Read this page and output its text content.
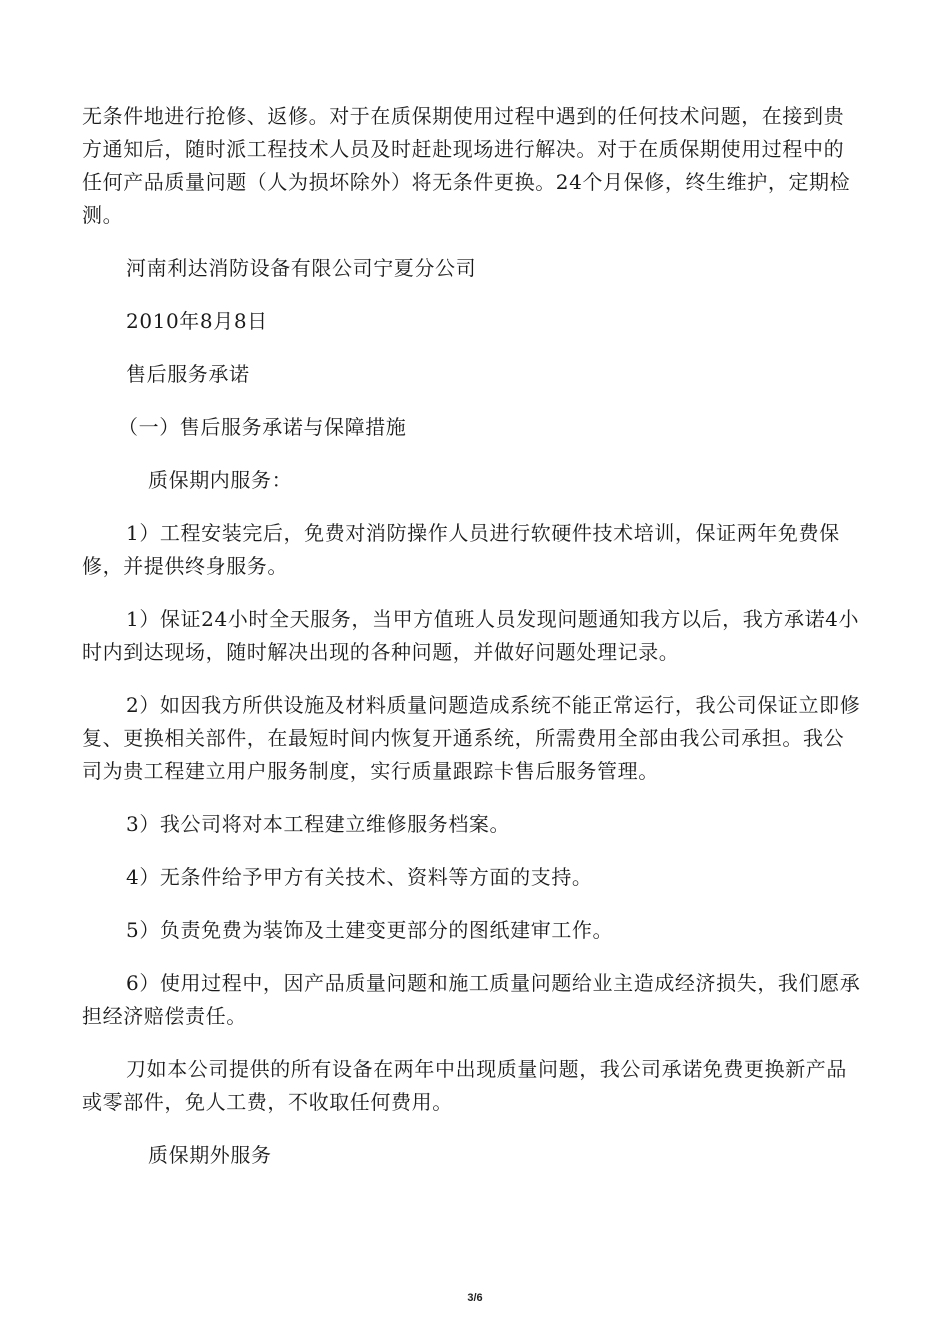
无条件地进行抢修、返修。对于在质保期使用过程中遇到的任何技术问题，在接到贵方通知后，随时派工程技术人员及时赶赴现场进行解决。对于在质保期使用过程中的任何产品质量问题（人为损坏除外）将无条件更换。24个月保修，终生维护，定期检测。

河南利达消防设备有限公司宁夏分公司

2010年8月8日

售后服务承诺

（一）售后服务承诺与保障措施

质保期内服务：

1）工程安装完后，免费对消防操作人员进行软硬件技术培训，保证两年免费保修，并提供终身服务。

1）保证24小时全天服务，当甲方值班人员发现问题通知我方以后，我方承诺4小时内到达现场，随时解决出现的各种问题，并做好问题处理记录。

2）如因我方所供设施及材料质量问题造成系统不能正常运行，我公司保证立即修复、更换相关部件，在最短时间内恢复开通系统，所需费用全部由我公司承担。我公司为贵工程建立用户服务制度，实行质量跟踪卡售后服务管理。

3）我公司将对本工程建立维修服务档案。

4）无条件给予甲方有关技术、资料等方面的支持。

5）负责免费为装饰及土建变更部分的图纸建审工作。

6）使用过程中，因产品质量问题和施工质量问题给业主造成经济损失，我们愿承担经济赔偿责任。

刀如本公司提供的所有设备在两年中出现质量问题，我公司承诺免费更换新产品或零部件，免人工费，不收取任何费用。

质保期外服务

3/6
